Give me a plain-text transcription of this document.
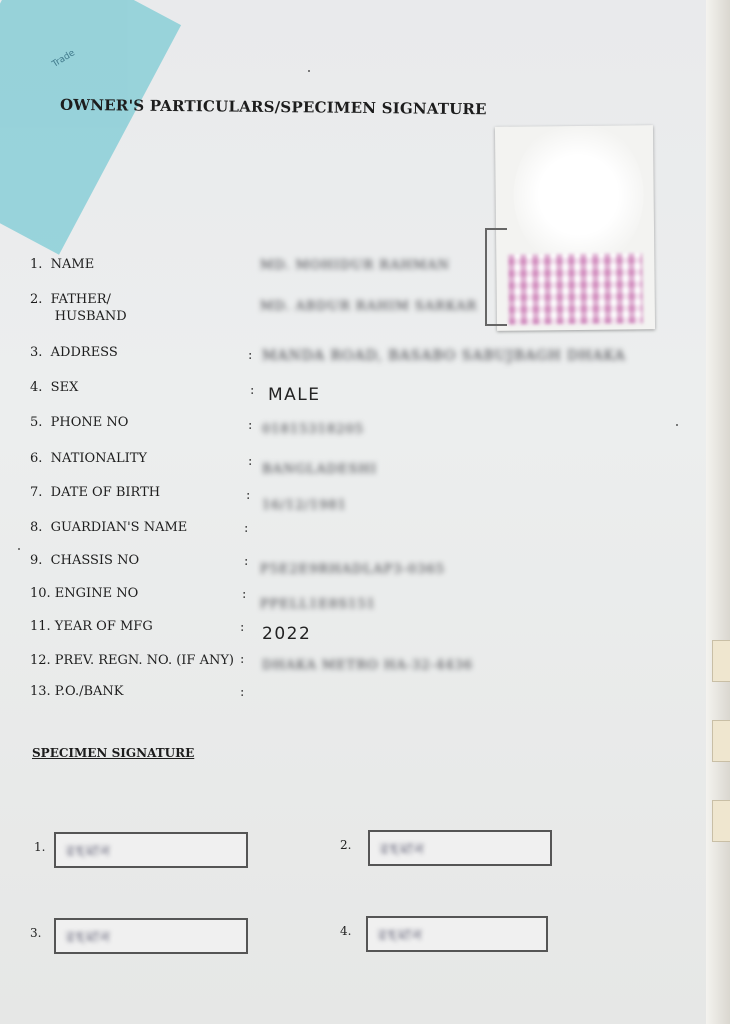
Trade
OWNER'S PARTICULARS/SPECIMEN SIGNATURE
1.  NAME	MD. MOHIDUR RAHMAN
2.  FATHER/
HUSBAND
MD. ABDUR RAHIM SARKAR
3.  ADDRESS	: MANDA ROAD, BASABO SABUJBAGH DHAKA
4.  SEX	: MALE
5.  PHONE NO	: 01815318205
6.  NATIONALITY	:
BANGLADESHI
7.  DATE OF BIRTH	:
16/12/1981
8.  GUARDIAN'S NAME	:
9.  CHASSIS NO	:
P5E2E9RHADLAP3-0365
10. ENGINE NO	:
PPELL1E8S151
11. YEAR OF MFG	: 2022
12. PREV. REGN. NO. (IF ANY) : DHAKA METRO HA-32-4436
13. P.O./BANK	:
SPECIMEN SIGNATURE
1. রহমান	2. রহমান
3. রহমান	4. রহমান
